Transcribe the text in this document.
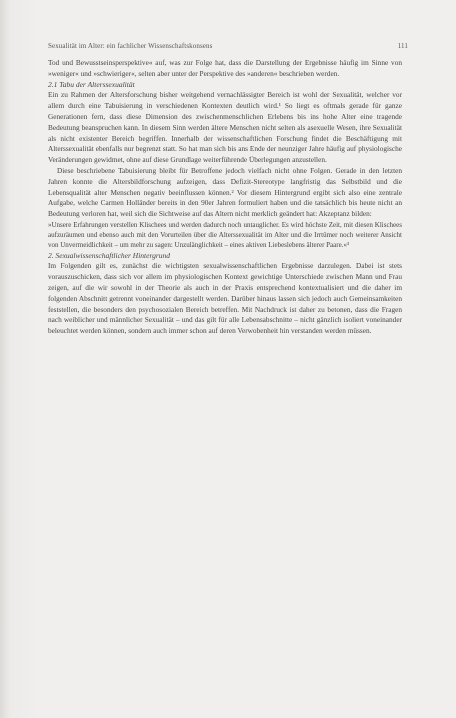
Sexualität im Alter: ein fachlicher Wissenschaftskonsens	111

Tod und Bewusstseinsperspektive« auf, was zur Folge hat, dass die Darstellung der Ergebnisse häufig im Sinne von »weniger« und »schwieriger«, selten aber unter der Perspektive des »anderen« beschrieben werden.

2.1 Tabu der Alterssexualität

Ein zu Rahmen der Altersforschung bisher weitgehend vernachlässigter Bereich ist wohl der Sexualität, welcher vor allem durch eine Tabuisierung in verschiedenen Kontexten deutlich wird.¹ So liegt es oftmals gerade für ganze Generationen fern, dass diese Dimension des zwischenmenschlichen Erlebens bis ins hohe Alter eine tragende Bedeutung beanspruchen kann. In diesem Sinn werden ältere Menschen nicht selten als asexuelle Wesen, ihre Sexualität als nicht existenter Bereich begriffen. Innerhalb der wissenschaftlichen Forschung findet die Beschäftigung mit Alterssexualität ebenfalls nur begrenzt statt. So hat man sich bis ans Ende der neunziger Jahre häufig auf physiologische Veränderungen gewidmet, ohne auf diese Grundlage weiterführende Überlegungen anzustellen.

Diese beschriebene Tabuisierung bleibt für Betroffene jedoch vielfach nicht ohne Folgen. Gerade in den letzten Jahren konnte die Altersbildforschung aufzeigen, dass Defizit-Stereotype langfristig das Selbstbild und die Lebensqualität alter Menschen negativ beeinflussen können.² Vor diesem Hintergrund ergibt sich also eine zentrale Aufgabe, welche Carmen Holländer bereits in den 90er Jahren formuliert haben und die tatsächlich bis heute nicht an Bedeutung verloren hat, weil sich die Sichtweise auf das Altern nicht merklich geändert hat: Akzeptanz bilden:

»Unsere Erfahrungen verstellen Klischees und werden dadurch noch untauglicher. Es wird höchste Zeit, mit diesen Klischees aufzuräumen und ebenso auch mit den Vorurteilen über die Alterssexualität im Alter und die Irrtümer noch weiterer Ansicht von Unvermeidlichkeit – um mehr zu sagen: Unzulänglichkeit – eines aktiven Liebeslebens älterer Paare.«³

2. Sexualwissenschaftlicher Hintergrund

Im Folgenden gilt es, zunächst die wichtigsten sexualwissenschaftlichen Ergebnisse darzulegen. Dabei ist stets vorauszuschicken, dass sich vor allem im physiologischen Kontext gewichtige Unterschiede zwischen Mann und Frau zeigen, auf die wir sowohl in der Theorie als auch in der Praxis entsprechend kontextualisiert und die daher im folgenden Abschnitt getrennt voneinander dargestellt werden. Darüber hinaus lassen sich jedoch auch Gemeinsamkeiten feststellen, die besonders den psychosozialen Bereich betreffen. Mit Nachdruck ist daher zu betonen, dass die Fragen nach weiblicher und männlicher Sexualität – und das gilt für alle Lebensabschnitte – nicht gänzlich isoliert voneinander beleuchtet werden können, sondern auch immer schon auf deren Verwobenheit hin verstanden werden müssen.
